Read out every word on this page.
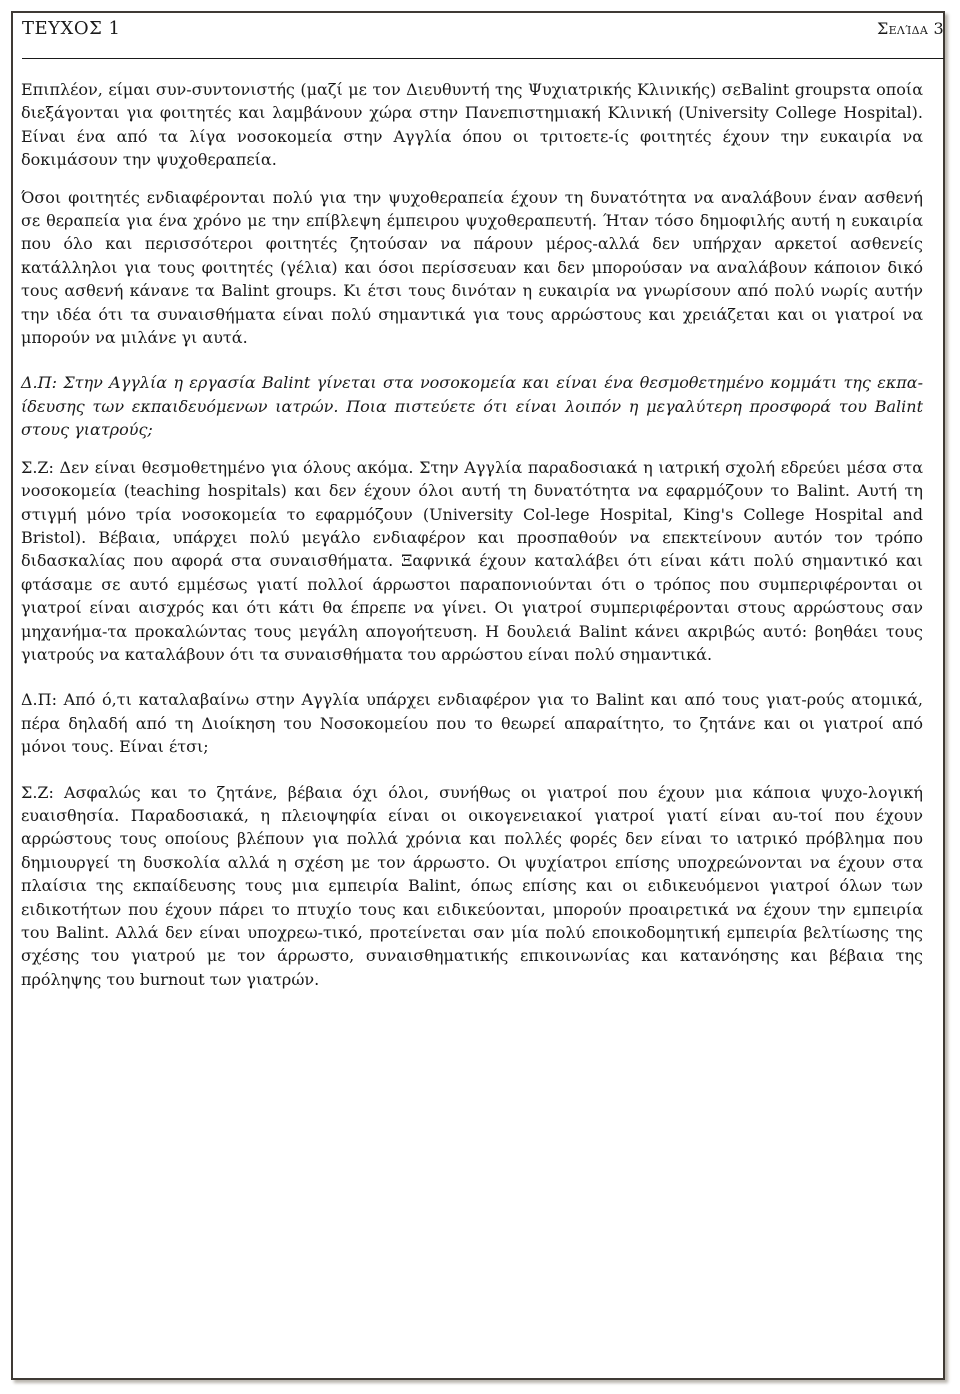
ΤΕΥΧΟΣ 1	Σελίδα 3

Επιπλέον, είμαι συν-συντονιστής (μαζί με τον Διευθυντή της Ψυχιατρικής Κλινικής) σεBalint groupsτα οποία διεξάγονται για φοιτητές και λαμβάνουν χώρα στην Πανεπιστημιακή Κλινική (University College Hospital). Είναι ένα από τα λίγα νοσοκομεία στην Αγγλία όπου οι τριτοετε-ίς φοιτητές έχουν την ευκαιρία να δοκιμάσουν την ψυχοθεραπεία.

Όσοι φοιτητές ενδιαφέρονται πολύ για την ψυχοθεραπεία έχουν τη δυνατότητα να αναλάβουν έναν ασθενή σε θεραπεία για ένα χρόνο με την επίβλεψη έμπειρου ψυχοθεραπευτή. Ήταν τόσο δημοφιλής αυτή η ευκαιρία που όλο και περισσότεροι φοιτητές ζητούσαν να πάρουν μέρος-αλλά δεν υπήρχαν αρκετοί ασθενείς κατάλληλοι για τους φοιτητές (γέλια) και όσοι περίσσευαν και δεν μπορούσαν να αναλάβουν κάποιον δικό τους ασθενή κάνανε τα Balint groups. Κι έτσι τους δινόταν η ευκαιρία να γνωρίσουν από πολύ νωρίς αυτήν την ιδέα ότι τα συναισθήματα είναι πολύ σημαντικά για τους αρρώστους και χρειάζεται και οι γιατροί να μπορούν να μιλάνε γι αυτά.

Δ.Π: Στην Αγγλία η εργασία Balint γίνεται στα νοσοκομεία και είναι ένα θεσμοθετημένο κομμάτι της εκπα-ίδευσης των εκπαιδευόμενων ιατρών. Ποια πιστεύετε ότι είναι λοιπόν η μεγαλύτερη προσφορά του Balint στους γιατρούς;

Σ.Ζ: Δεν είναι θεσμοθετημένο για όλους ακόμα. Στην Αγγλία παραδοσιακά η ιατρική σχολή εδρεύει μέσα στα νοσοκομεία (teaching hospitals) και δεν έχουν όλοι αυτή τη δυνατότητα να εφαρμόζουν το Balint. Αυτή τη στιγμή μόνο τρία νοσοκομεία το εφαρμόζουν (University Col-lege Hospital, King's College Hospital and Bristol). Βέβαια, υπάρχει πολύ μεγάλο ενδιαφέρον και προσπαθούν να επεκτείνουν αυτόν τον τρόπο διδασκαλίας που αφορά στα συναισθήματα. Ξαφνικά έχουν καταλάβει ότι είναι κάτι πολύ σημαντικό και φτάσαμε σε αυτό εμμέσως γιατί πολλοί άρρωστοι παραπονιούνται ότι ο τρόπος που συμπεριφέρονται οι γιατροί είναι αισχρός και ότι κάτι θα έπρεπε να γίνει. Οι γιατροί συμπεριφέρονται στους αρρώστους σαν μηχανήμα-τα προκαλώντας τους μεγάλη απογοήτευση. Η δουλειά Balint κάνει ακριβώς αυτό: βοηθάει τους γιατρούς να καταλάβουν ότι τα συναισθήματα του αρρώστου είναι πολύ σημαντικά.

Δ.Π: Από ό,τι καταλαβαίνω στην Αγγλία υπάρχει ενδιαφέρον για το Balint και από τους γιατ-ρούς ατομικά, πέρα δηλαδή από τη Διοίκηση του Νοσοκομείου που το θεωρεί απαραίτητο, το ζητάνε και οι γιατροί από μόνοι τους. Είναι έτσι;

Σ.Ζ: Ασφαλώς και το ζητάνε, βέβαια όχι όλοι, συνήθως οι γιατροί που έχουν μια κάποια ψυχο-λογική ευαισθησία. Παραδοσιακά, η πλειοψηφία είναι οι οικογενειακοί γιατροί γιατί είναι αυ-τοί που έχουν αρρώστους τους οποίους βλέπουν για πολλά χρόνια και πολλές φορές δεν είναι το ιατρικό πρόβλημα που δημιουργεί τη δυσκολία αλλά η σχέση με τον άρρωστο. Οι ψυχίατροι επίσης υποχρεώνονται να έχουν στα πλαίσια της εκπαίδευσης τους μια εμπειρία Balint, όπως επίσης και οι ειδικευόμενοι γιατροί όλων των ειδικοτήτων που έχουν πάρει το πτυχίο τους και ειδικεύονται, μπορούν προαιρετικά να έχουν την εμπειρία του Balint. Αλλά δεν είναι υποχρεω-τικό, προτείνεται σαν μία πολύ εποικοδομητική εμπειρία βελτίωσης της σχέσης του γιατρού με τον άρρωστο, συναισθηματικής επικοινωνίας και κατανόησης και βέβαια της πρόληψης του burnout των γιατρών.
